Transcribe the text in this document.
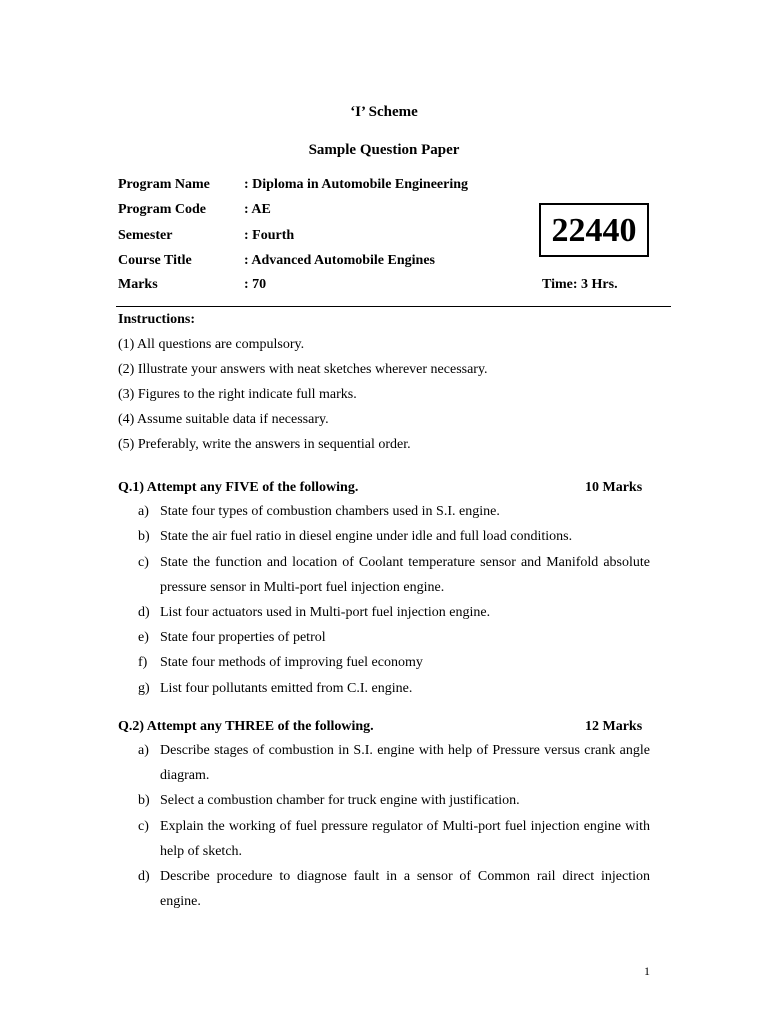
‘I’ Scheme
Sample Question Paper
Program Name : Diploma in Automobile Engineering
Program Code	: AE
Semester	: Fourth
Course Title	: Advanced Automobile Engines
Marks	: 70
22440
Time: 3 Hrs.
Instructions:
(1) All questions are compulsory.
(2) Illustrate your answers with neat sketches wherever necessary.
(3) Figures to the right indicate full marks.
(4) Assume suitable data if necessary.
(5) Preferably, write the answers in sequential order.
Q.1) Attempt any FIVE of the following.	10 Marks
a) State four types of combustion chambers used in S.I. engine.
b) State the air fuel ratio in diesel engine under idle and full load conditions.
c) State the function and location of Coolant temperature sensor and Manifold absolute pressure sensor in Multi-port fuel injection engine.
d) List four actuators used in Multi-port fuel injection engine.
e) State four properties of petrol
f) State four methods of improving fuel economy
g) List four pollutants emitted from C.I. engine.
Q.2) Attempt any THREE of the following.	12 Marks
a) Describe stages of combustion in S.I. engine with help of Pressure versus crank angle diagram.
b) Select a combustion chamber for truck engine with justification.
c) Explain the working of fuel pressure regulator of Multi-port fuel injection engine with help of sketch.
d) Describe procedure to diagnose fault in a sensor of Common rail direct injection engine.
1
